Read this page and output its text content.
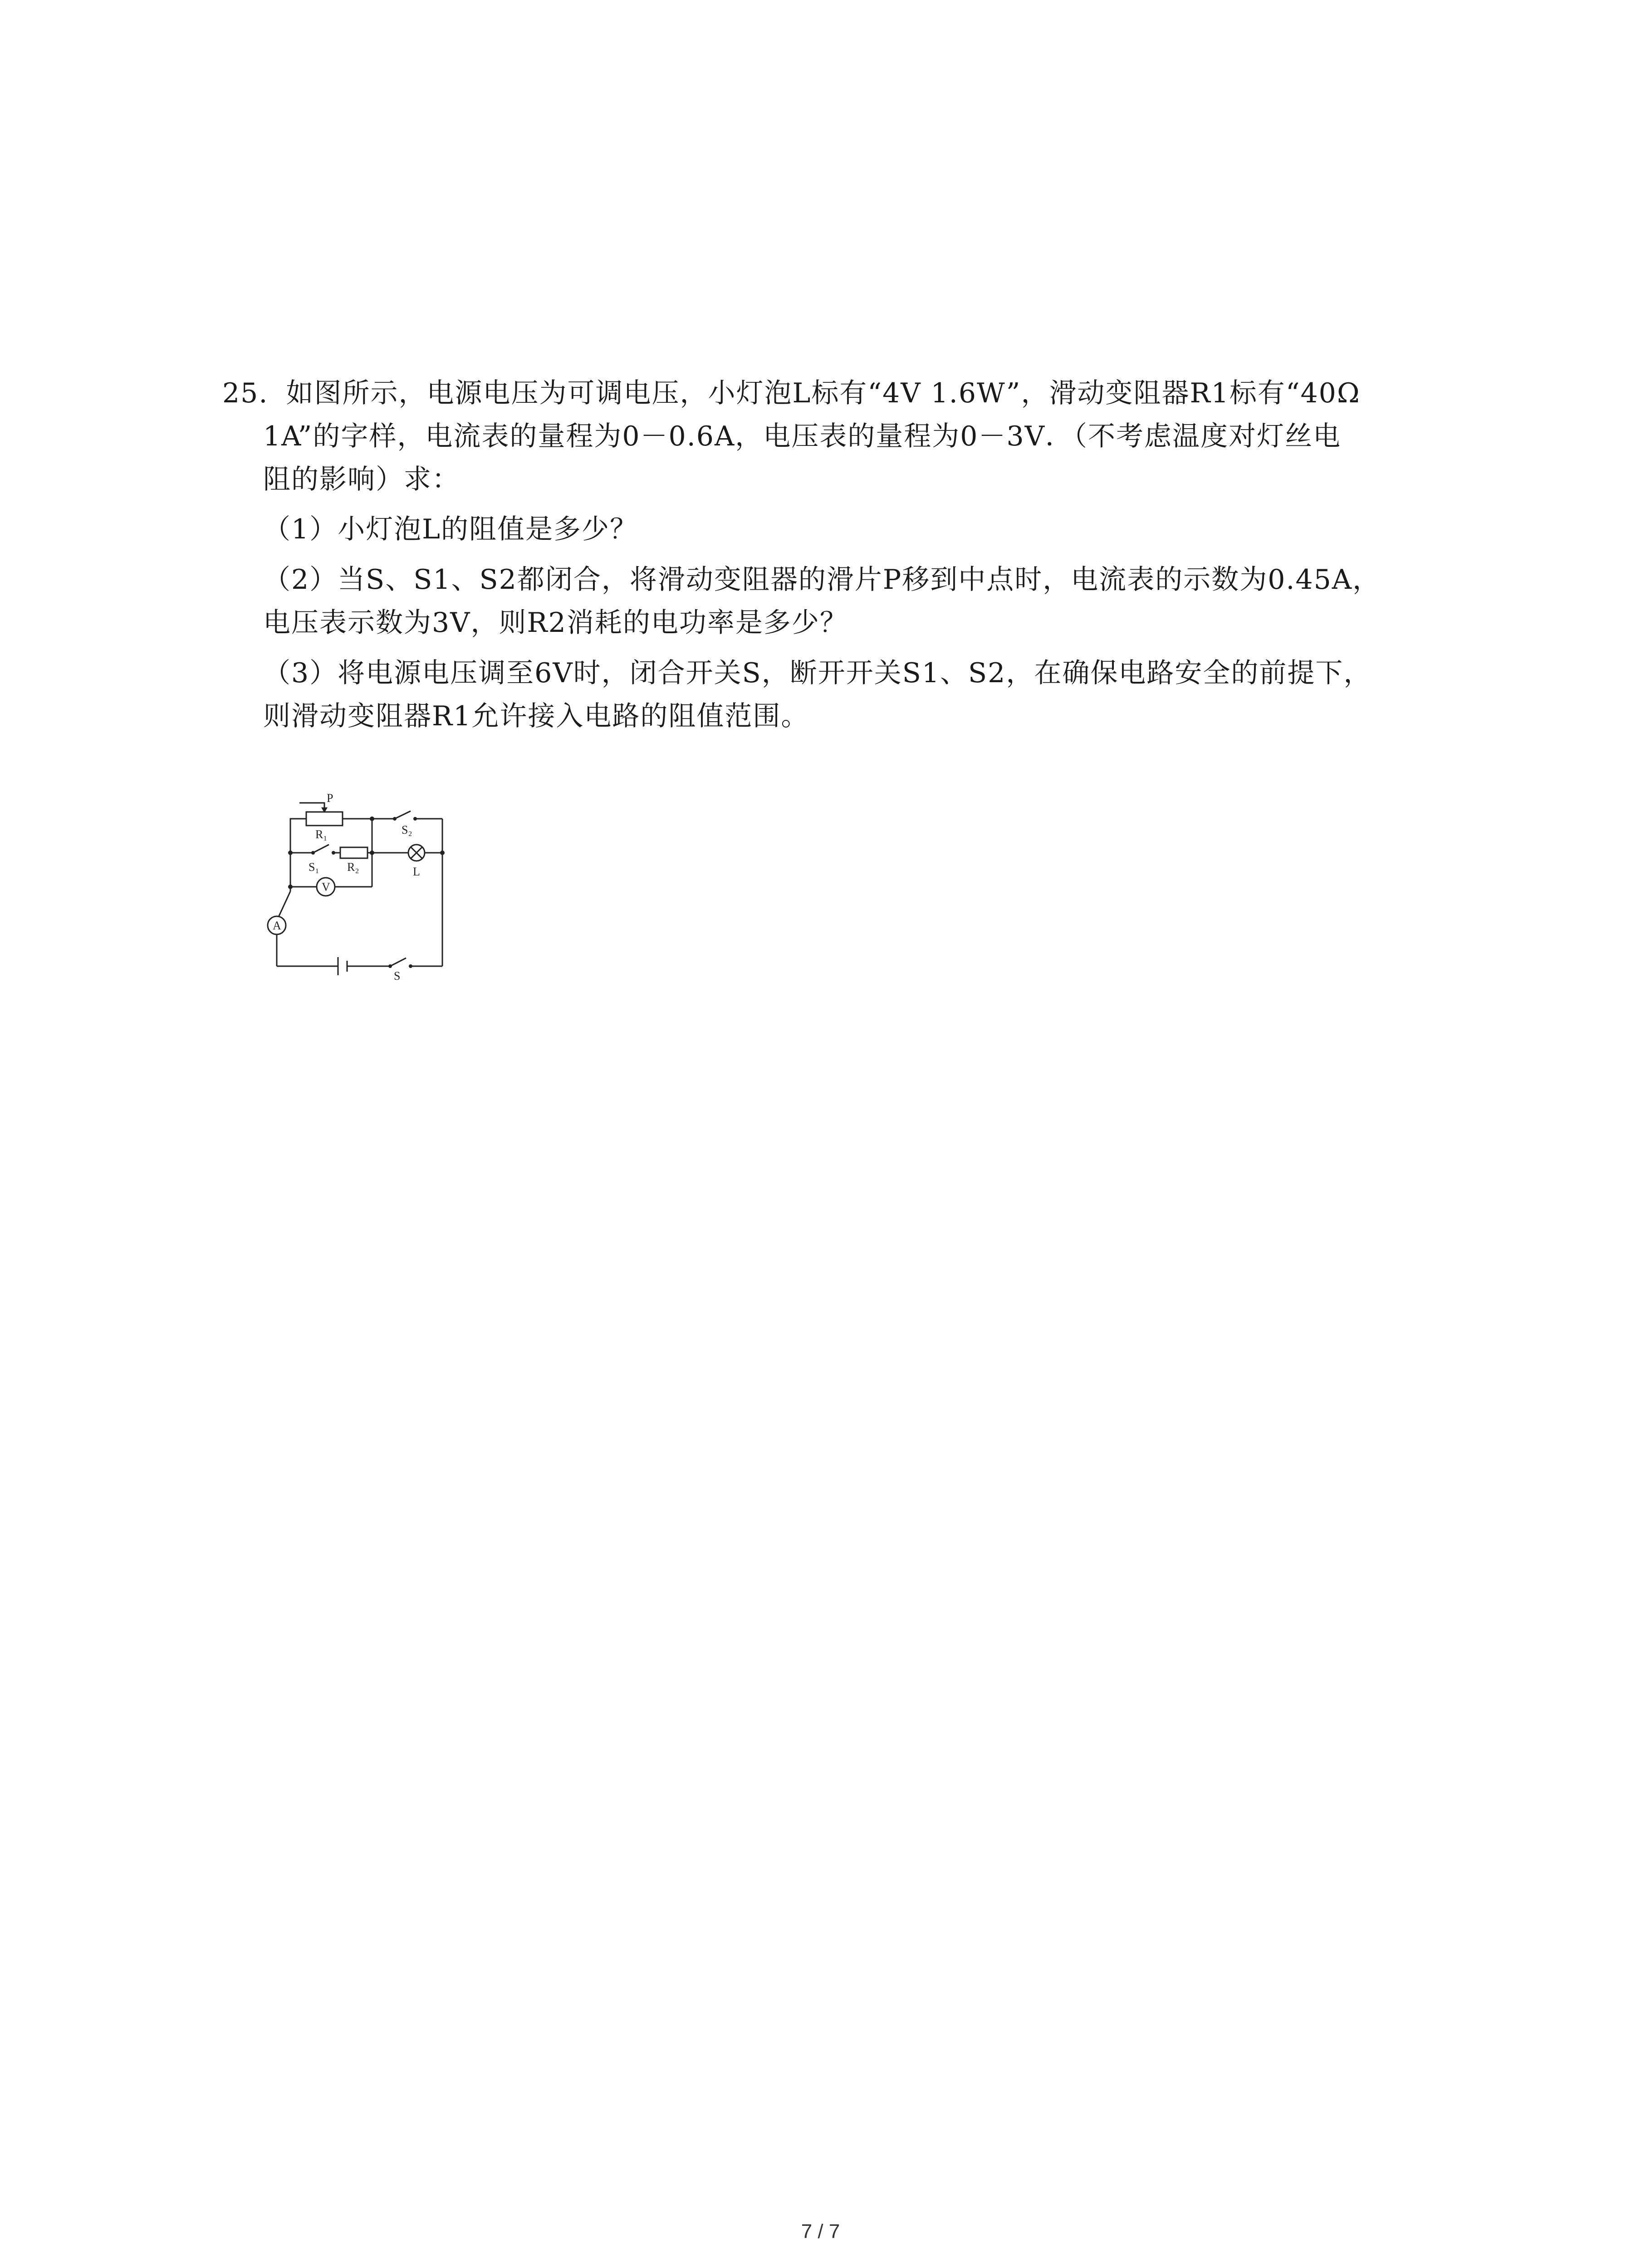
25. 如图所示，电源电压为可调电压，小灯泡L标有“4V 1.6W”，滑动变阻器R1标有“40Ω
1A”的字样，电流表的量程为0－0.6A，电压表的量程为0－3V．（不考虑温度对灯丝电
阻的影响）求：
（1）小灯泡L的阻值是多少？
（2）当S、S1、S2都闭合，将滑动变阻器的滑片P移到中点时，电流表的示数为0.45A，
电压表示数为3V，则R2消耗的电功率是多少？
（3）将电源电压调至6V时，闭合开关S，断开开关S1、S2，在确保电路安全的前提下，
则滑动变阻器R1允许接入电路的阻值范围。
P
R₁	S₂
S₁ R₂	L
V
A
S
7 / 7
